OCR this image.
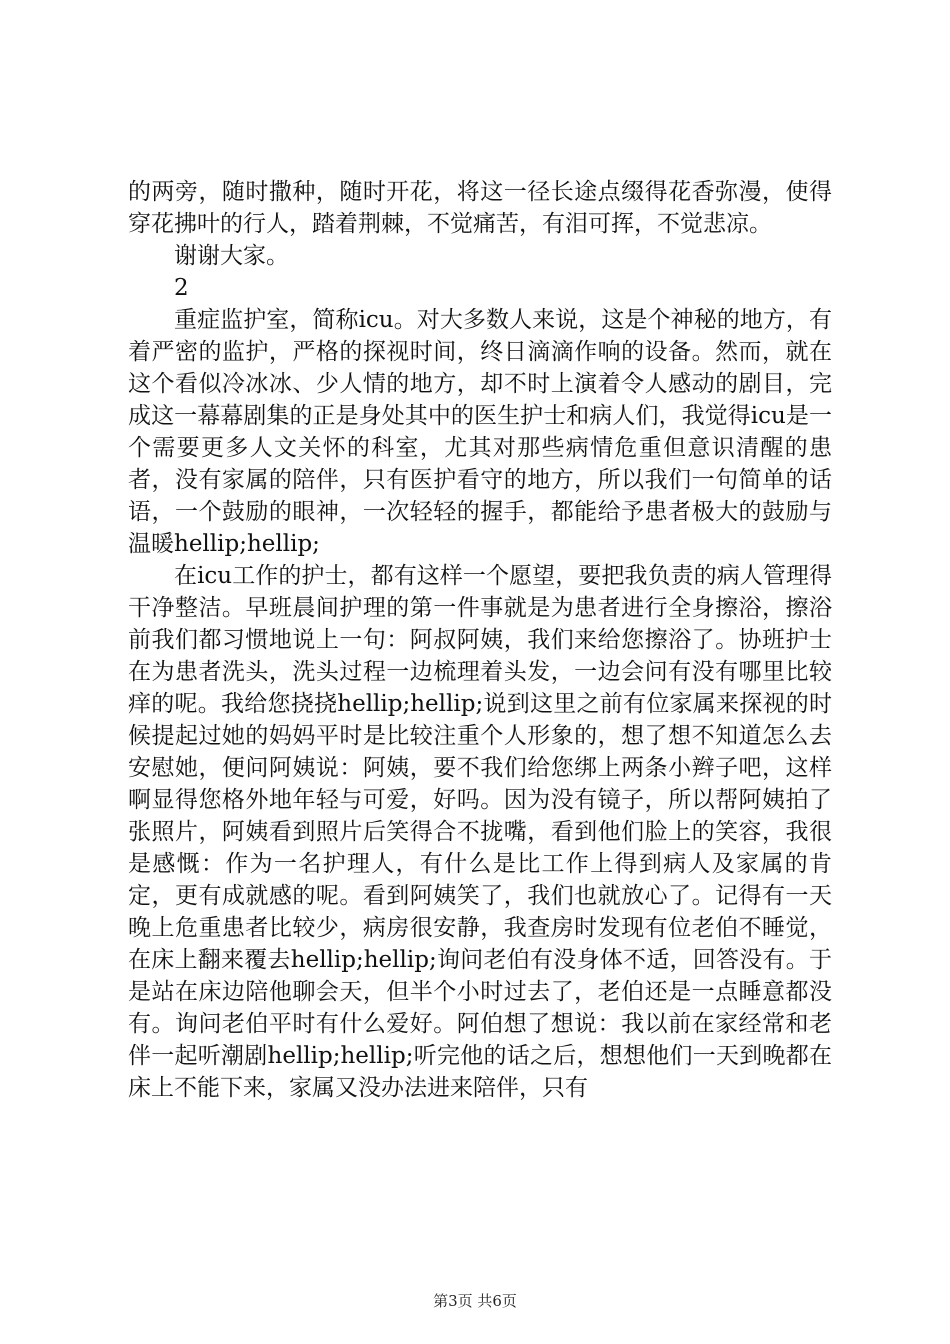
的两旁，随时撒种，随时开花，将这一径长途点缀得花香弥漫，使得穿花拂叶的行人，踏着荆棘，不觉痛苦，有泪可挥，不觉悲凉。

谢谢大家。

2

重症监护室，简称icu。对大多数人来说，这是个神秘的地方，有着严密的监护，严格的探视时间，终日滴滴作响的设备。然而，就在这个看似冷冰冰、少人情的地方，却不时上演着令人感动的剧目，完成这一幕幕剧集的正是身处其中的医生护士和病人们，我觉得icu是一个需要更多人文关怀的科室，尤其对那些病情危重但意识清醒的患者，没有家属的陪伴，只有医护看守的地方，所以我们一句简单的话语，一个鼓励的眼神，一次轻轻的握手，都能给予患者极大的鼓励与温暖hellip;hellip;

在icu工作的护士，都有这样一个愿望，要把我负责的病人管理得干净整洁。早班晨间护理的第一件事就是为患者进行全身擦浴，擦浴前我们都习惯地说上一句：阿叔阿姨，我们来给您擦浴了。协班护士在为患者洗头，洗头过程一边梳理着头发，一边会问有没有哪里比较痒的呢。我给您挠挠hellip;hellip;说到这里之前有位家属来探视的时候提起过她的妈妈平时是比较注重个人形象的，想了想不知道怎么去安慰她，便问阿姨说：阿姨，要不我们给您绑上两条小辫子吧，这样啊显得您格外地年轻与可爱，好吗。因为没有镜子，所以帮阿姨拍了张照片，阿姨看到照片后笑得合不拢嘴，看到他们脸上的笑容，我很是感慨：作为一名护理人，有什么是比工作上得到病人及家属的肯定，更有成就感的呢。看到阿姨笑了，我们也就放心了。记得有一天晚上危重患者比较少，病房很安静，我查房时发现有位老伯不睡觉，在床上翻来覆去hellip;hellip;询问老伯有没身体不适，回答没有。于是站在床边陪他聊会天，但半个小时过去了，老伯还是一点睡意都没有。询问老伯平时有什么爱好。阿伯想了想说：我以前在家经常和老伴一起听潮剧hellip;hellip;听完他的话之后，想想他们一天到晚都在床上不能下来，家属又没办法进来陪伴，只有

第3页 共6页
